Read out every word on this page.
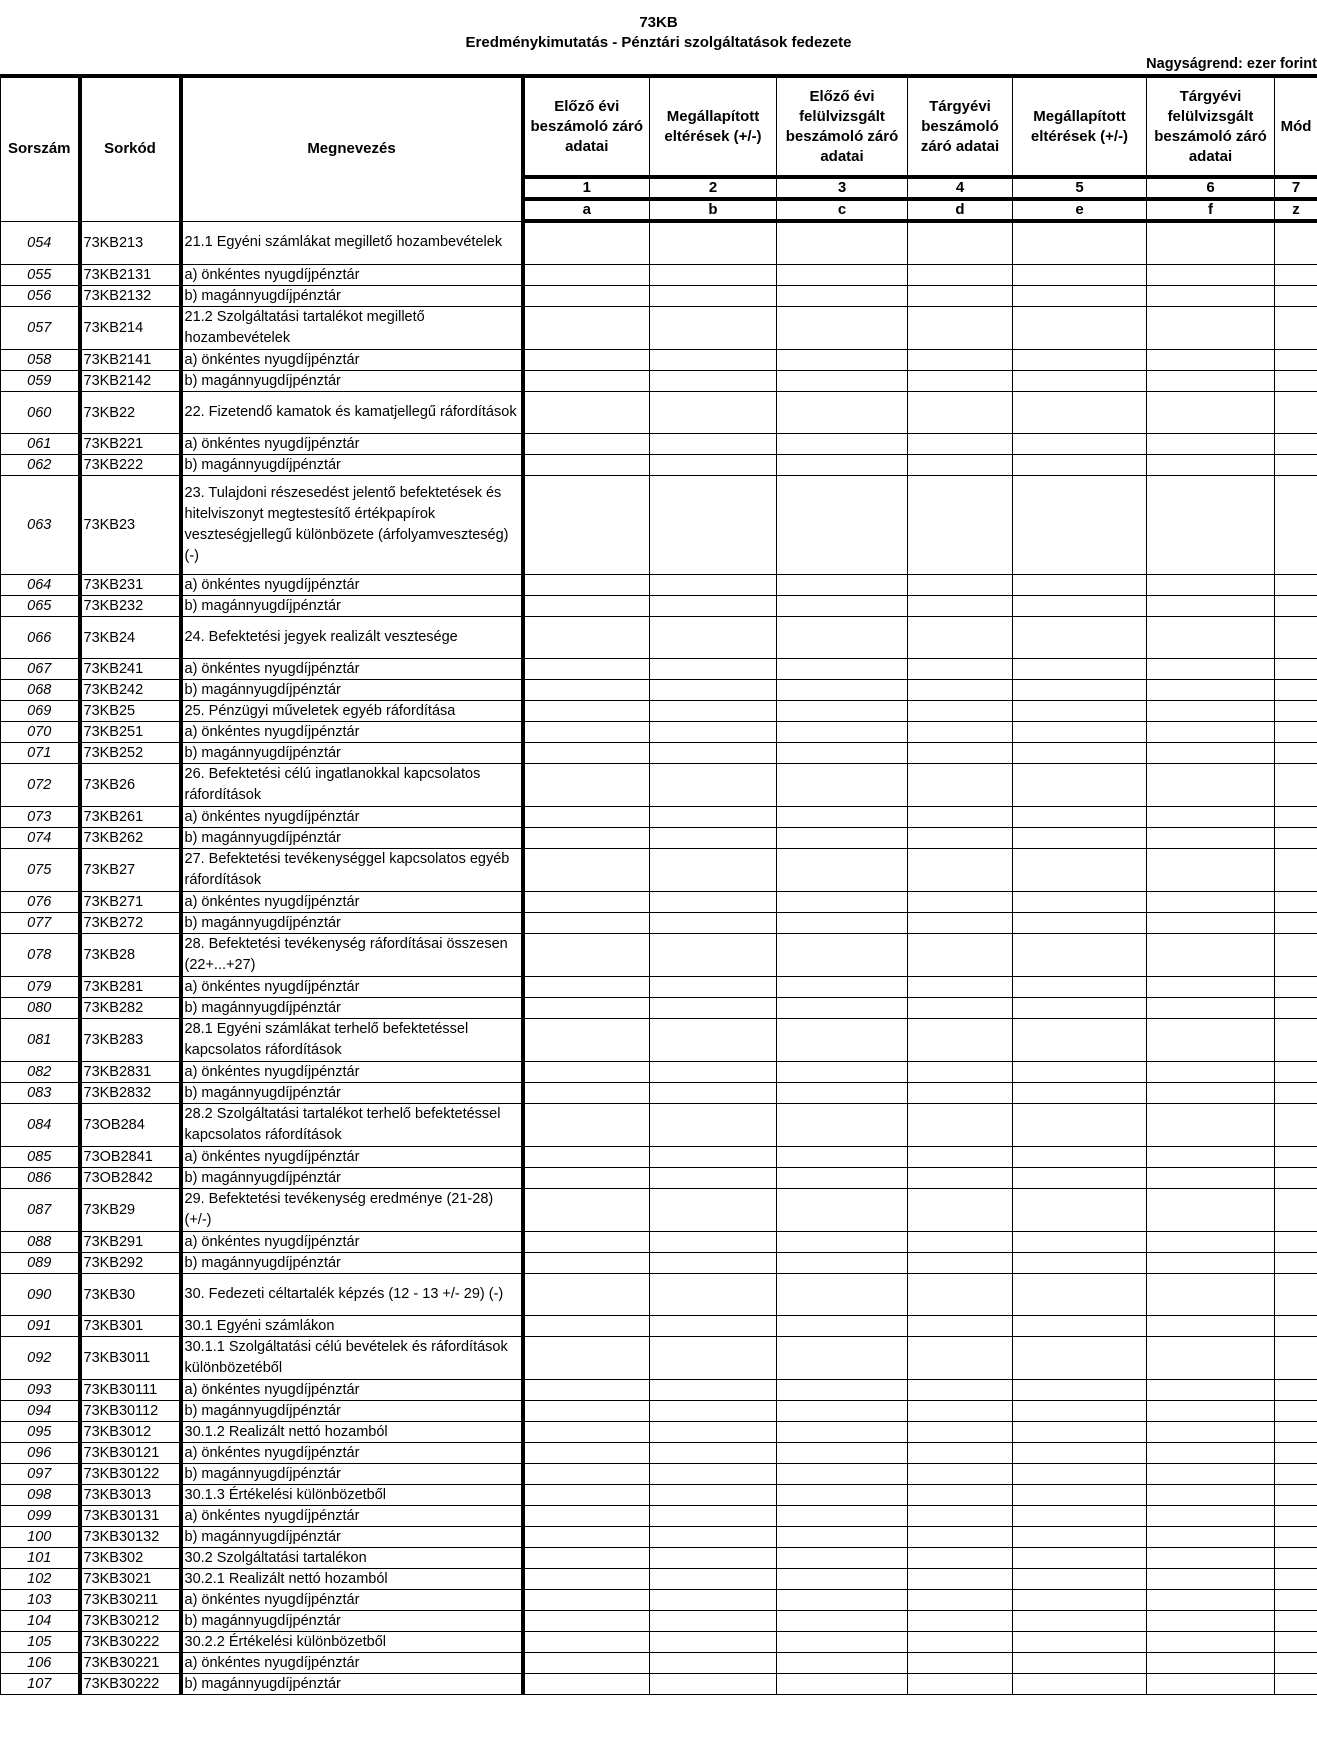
73KB
Eredménykimutatás - Pénztári szolgáltatások fedezete
Nagyságrend: ezer forint
Sorszám	Sorkód	Megnevezés	Előző évi beszámoló záró adatai	Megállapított eltérések (+/-)	Előző évi felülvizsgált beszámoló záró adatai	Tárgyévi beszámoló záró adatai	Megállapított eltérések (+/-)	Tárgyévi felülvizsgált beszámoló záró adatai	Mód
			1	2	3	4	5	6	7
			a	b	c	d	e	f	z
054	73KB213	21.1 Egyéni számlákat megillető hozambevételek							
055	73KB2131	a) önkéntes nyugdíjpénztár							
056	73KB2132	b) magánnyugdíjpénztár							
057	73KB214	21.2 Szolgáltatási tartalékot megillető hozambevételek							
058	73KB2141	a) önkéntes nyugdíjpénztár							
059	73KB2142	b) magánnyugdíjpénztár							
060	73KB22	22. Fizetendő kamatok és kamatjellegű ráfordítások							
061	73KB221	a) önkéntes nyugdíjpénztár							
062	73KB222	b) magánnyugdíjpénztár							
063	73KB23	23. Tulajdoni részesedést jelentő befektetések és hitelviszonyt megtestesítő értékpapírok veszteségjellegű különbözete (árfolyamveszteség) (-)							
064	73KB231	a) önkéntes nyugdíjpénztár							
065	73KB232	b) magánnyugdíjpénztár							
066	73KB24	24. Befektetési jegyek realizált vesztesége							
067	73KB241	a) önkéntes nyugdíjpénztár							
068	73KB242	b) magánnyugdíjpénztár							
069	73KB25	25. Pénzügyi műveletek egyéb ráfordítása							
070	73KB251	a) önkéntes nyugdíjpénztár							
071	73KB252	b) magánnyugdíjpénztár							
072	73KB26	26. Befektetési célú ingatlanokkal kapcsolatos ráfordítások							
073	73KB261	a) önkéntes nyugdíjpénztár							
074	73KB262	b) magánnyugdíjpénztár							
075	73KB27	27. Befektetési tevékenységgel kapcsolatos egyéb ráfordítások							
076	73KB271	a) önkéntes nyugdíjpénztár							
077	73KB272	b) magánnyugdíjpénztár							
078	73KB28	28. Befektetési tevékenység ráfordításai összesen (22+...+27)							
079	73KB281	a) önkéntes nyugdíjpénztár							
080	73KB282	b) magánnyugdíjpénztár							
081	73KB283	28.1 Egyéni számlákat terhelő befektetéssel kapcsolatos ráfordítások							
082	73KB2831	a) önkéntes nyugdíjpénztár							
083	73KB2832	b) magánnyugdíjpénztár							
084	73OB284	28.2 Szolgáltatási tartalékot terhelő befektetéssel kapcsolatos ráfordítások							
085	73OB2841	a) önkéntes nyugdíjpénztár							
086	73OB2842	b) magánnyugdíjpénztár							
087	73KB29	29. Befektetési tevékenység eredménye (21-28) (+/-)							
088	73KB291	a) önkéntes nyugdíjpénztár							
089	73KB292	b) magánnyugdíjpénztár							
090	73KB30	30. Fedezeti céltartalék képzés (12 - 13 +/- 29) (-)							
091	73KB301	30.1 Egyéni számlákon							
092	73KB3011	30.1.1 Szolgáltatási célú bevételek és ráfordítások különbözetéből							
093	73KB30111	a) önkéntes nyugdíjpénztár							
094	73KB30112	b) magánnyugdíjpénztár							
095	73KB3012	30.1.2 Realizált nettó hozamból							
096	73KB30121	a) önkéntes nyugdíjpénztár							
097	73KB30122	b) magánnyugdíjpénztár							
098	73KB3013	30.1.3 Értékelési különbözetből							
099	73KB30131	a) önkéntes nyugdíjpénztár							
100	73KB30132	b) magánnyugdíjpénztár							
101	73KB302	30.2 Szolgáltatási tartalékon							
102	73KB3021	30.2.1 Realizált nettó hozamból							
103	73KB30211	a) önkéntes nyugdíjpénztár							
104	73KB30212	b) magánnyugdíjpénztár							
105	73KB30222	30.2.2 Értékelési különbözetből							
106	73KB30221	a) önkéntes nyugdíjpénztár							
107	73KB30222	b) magánnyugdíjpénztár							
